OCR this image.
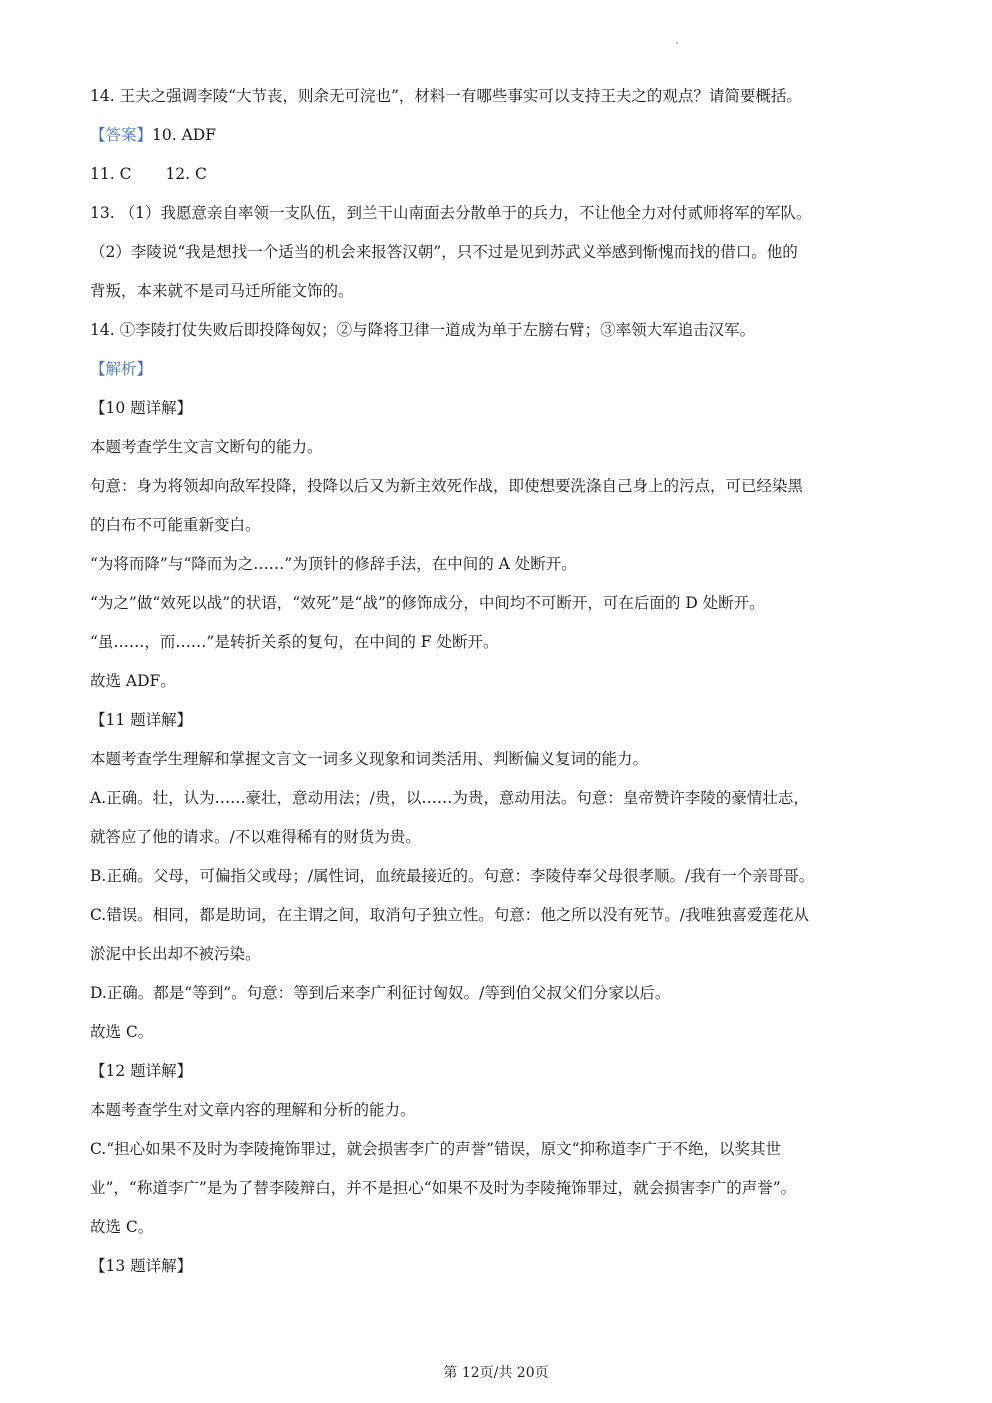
14. 王夫之强调李陵“大节丧，则余无可浣也”，材料一有哪些事实可以支持王夫之的观点？请简要概括。
【答案】10. ADF
11. C 12. C
13. （1）我愿意亲自率领一支队伍，到兰干山南面去分散单于的兵力，不让他全力对付贰师将军的军队。
（2）李陵说“我是想找一个适当的机会来报答汉朝”，只不过是见到苏武义举感到惭愧而找的借口。他的
背叛，本来就不是司马迁所能文饰的。
14. ①李陵打仗失败后即投降匈奴；②与降将卫律一道成为单于左膀右臂；③率领大军追击汉军。
【解析】
【10 题详解】
本题考查学生文言文断句的能力。
句意：身为将领却向敌军投降，投降以后又为新主效死作战，即使想要洗涤自己身上的污点，可已经染黑
的白布不可能重新变白。
“为将而降”与“降而为之……”为顶针的修辞手法，在中间的 A 处断开。
“为之”做“效死以战”的状语，“效死”是“战”的修饰成分，中间均不可断开，可在后面的 D 处断开。
“虽……，而……”是转折关系的复句，在中间的 F 处断开。
故选 ADF。
【11 题详解】
本题考查学生理解和掌握文言文一词多义现象和词类活用、判断偏义复词的能力。
A.正确。壮，认为……豪壮，意动用法；/贵，以……为贵，意动用法。句意：皇帝赞许李陵的豪情壮志，
就答应了他的请求。/不以难得稀有的财货为贵。
B.正确。父母，可偏指父或母；/属性词，血统最接近的。句意：李陵侍奉父母很孝顺。/我有一个亲哥哥。
C.错误。相同，都是助词，在主谓之间，取消句子独立性。句意：他之所以没有死节。/我唯独喜爱莲花从
淤泥中长出却不被污染。
D.正确。都是“等到”。句意：等到后来李广利征讨匈奴。/等到伯父叔父们分家以后。
故选 C。
【12 题详解】
本题考查学生对文章内容的理解和分析的能力。
C.“担心如果不及时为李陵掩饰罪过，就会损害李广的声誉”错误，原文“抑称道李广于不绝，以奖其世
业”，“称道李广”是为了替李陵辩白，并不是担心“如果不及时为李陵掩饰罪过，就会损害李广的声誉”。
故选 C。
【13 题详解】
第 12页/共 20页
